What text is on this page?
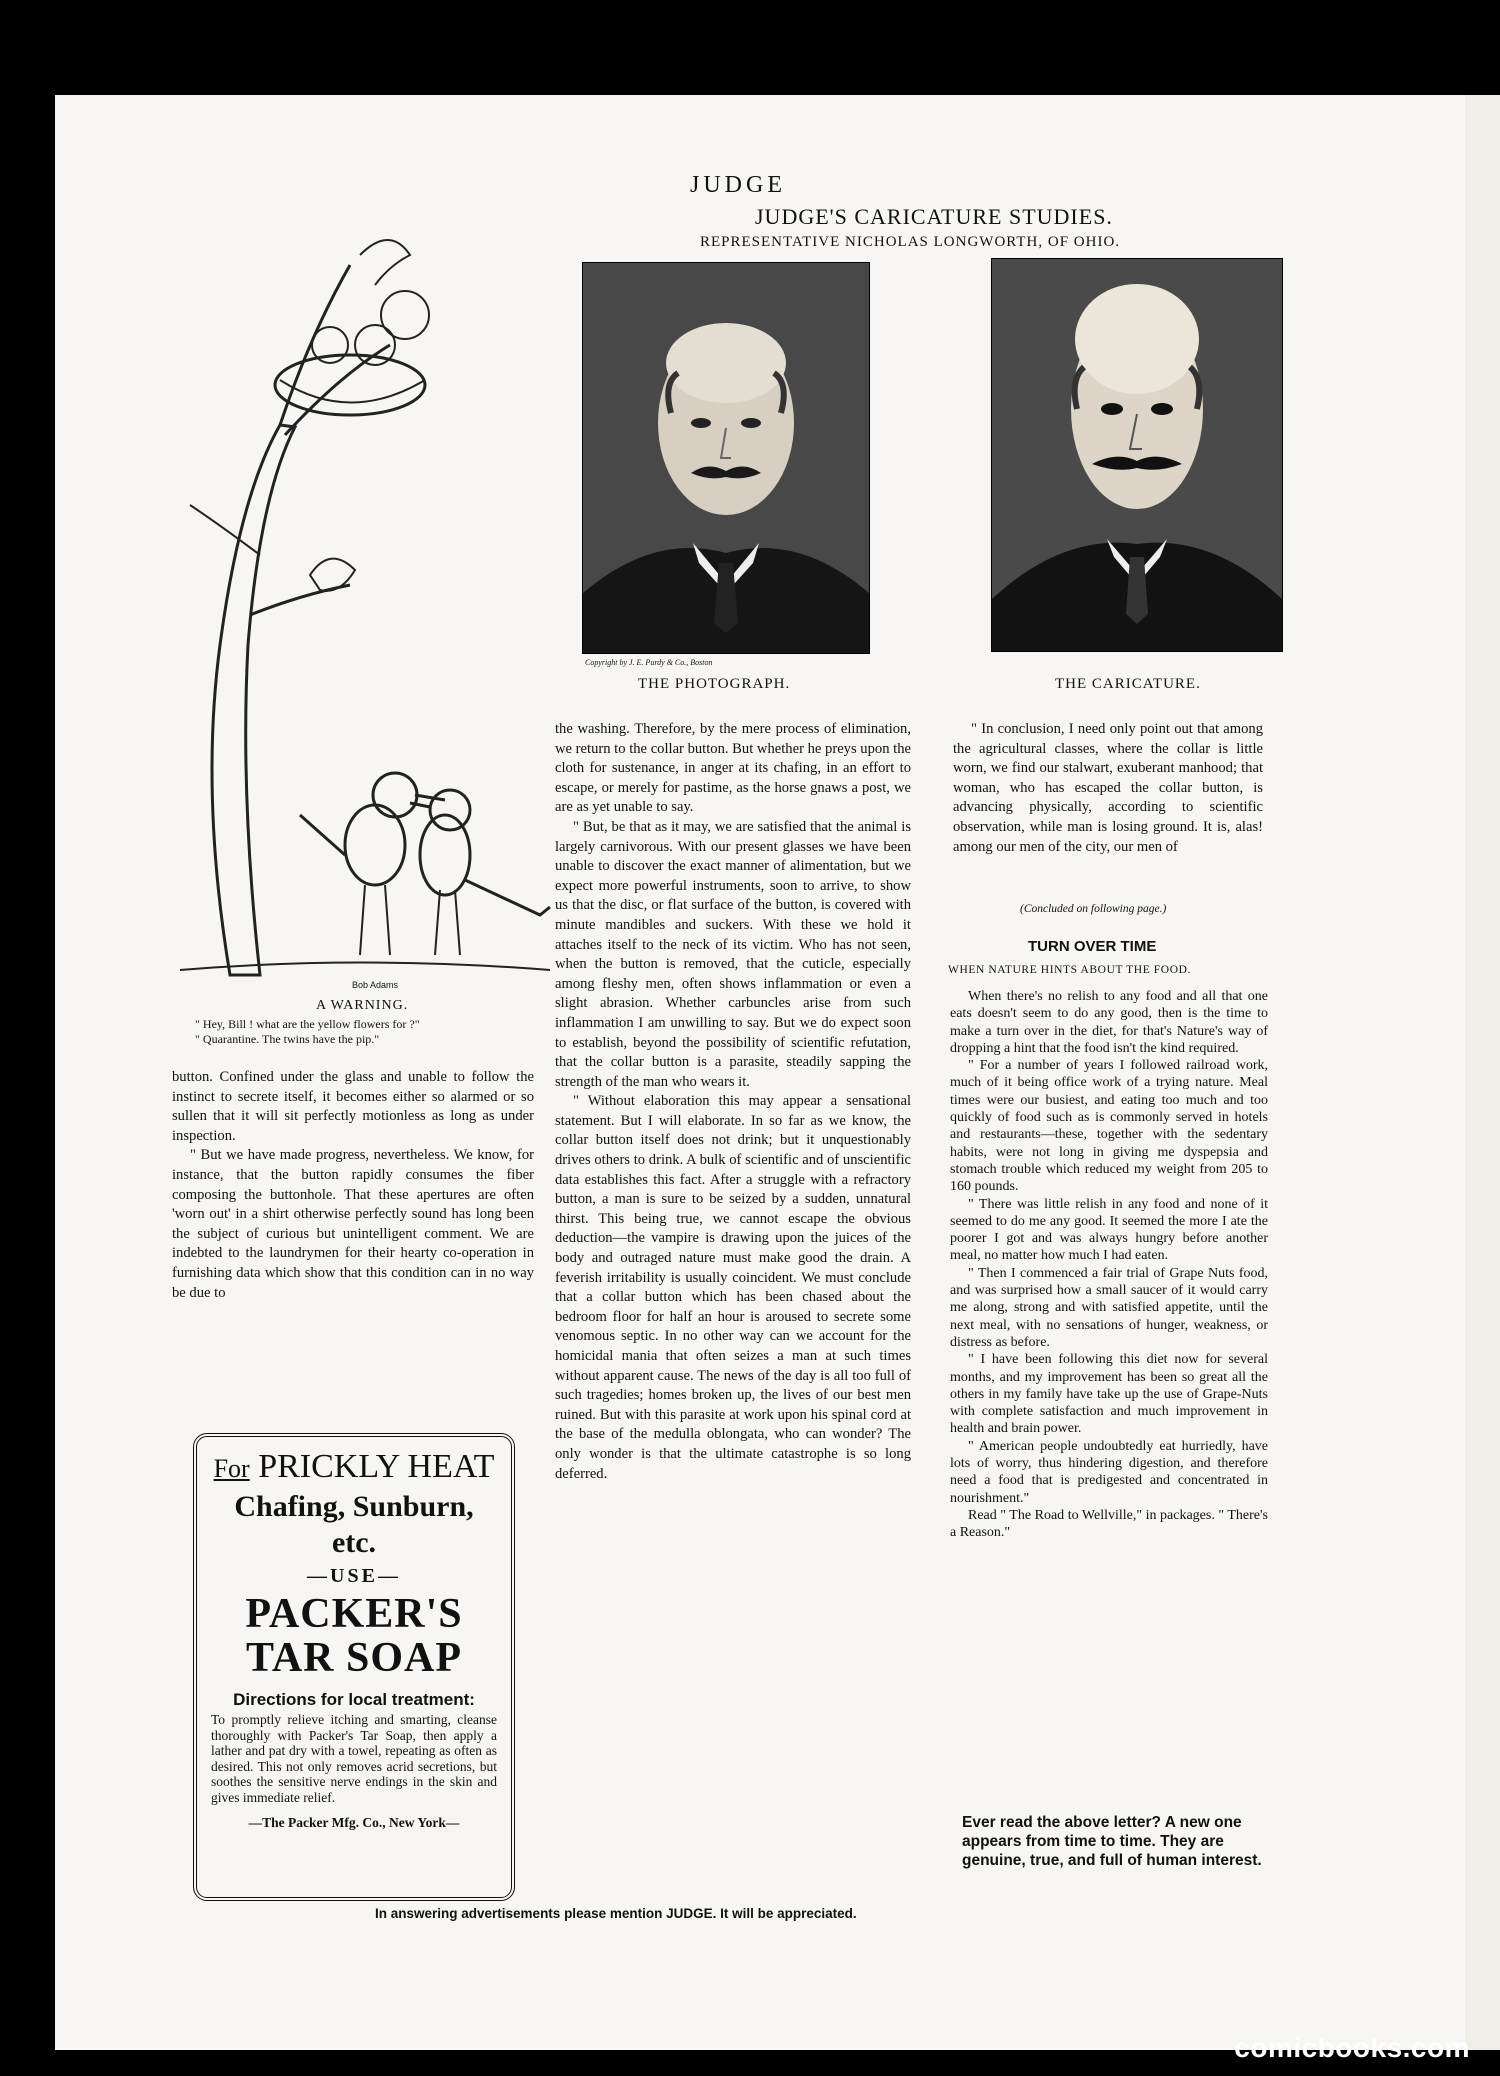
JUDGE
JUDGE'S CARICATURE STUDIES.
REPRESENTATIVE NICHOLAS LONGWORTH, OF OHIO.
Copyright by J. E. Purdy & Co., Boston
THE PHOTOGRAPH.	THE CARICATURE.
Bob Adams
A WARNING.
" Hey, Bill ! what are the yellow flowers for ?"
" Quarantine. The twins have the pip."

button. Confined under the glass and unable to follow the instinct to secrete itself, it becomes either so alarmed or so sullen that it will sit perfectly motionless as long as under inspection.

" But we have made progress, nevertheless. We know, for instance, that the button rapidly consumes the fiber composing the buttonhole. That these apertures are often 'worn out' in a shirt otherwise perfectly sound has long been the subject of curious but unintelligent comment. We are indebted to the laundrymen for their hearty co-operation in furnishing data which show that this condition can in no way be due to

For PRICKLY HEAT
Chafing, Sunburn, etc.
—USE—
PACKER'S
TAR SOAP
Directions for local treatment:
To promptly relieve itching and smarting, cleanse thoroughly with Packer's Tar Soap, then apply a lather and pat dry with a towel, repeating as often as desired. This not only removes acrid secretions, but soothes the sensitive nerve endings in the skin and gives immediate relief.
—The Packer Mfg. Co., New York—

the washing. Therefore, by the mere process of elimination, we return to the collar button. But whether he preys upon the cloth for sustenance, in anger at its chafing, in an effort to escape, or merely for pastime, as the horse gnaws a post, we are as yet unable to say.

" But, be that as it may, we are satisfied that the animal is largely carnivorous. With our present glasses we have been unable to discover the exact manner of alimentation, but we expect more powerful instruments, soon to arrive, to show us that the disc, or flat surface of the button, is covered with minute mandibles and suckers. With these we hold it attaches itself to the neck of its victim. Who has not seen, when the button is removed, that the cuticle, especially among fleshy men, often shows inflammation or even a slight abrasion. Whether carbuncles arise from such inflammation I am unwilling to say. But we do expect soon to establish, beyond the possibility of scientific refutation, that the collar button is a parasite, steadily sapping the strength of the man who wears it.

" Without elaboration this may appear a sensational statement. But I will elaborate. In so far as we know, the collar button itself does not drink; but it unquestionably drives others to drink. A bulk of scientific and of unscientific data establishes this fact. After a struggle with a refractory button, a man is sure to be seized by a sudden, unnatural thirst. This being true, we cannot escape the obvious deduction—the vampire is drawing upon the juices of the body and outraged nature must make good the drain. A feverish irritability is usually coincident. We must conclude that a collar button which has been chased about the bedroom floor for half an hour is aroused to secrete some venomous septic. In no other way can we account for the homicidal mania that often seizes a man at such times without apparent cause. The news of the day is all too full of such tragedies; homes broken up, the lives of our best men ruined. But with this parasite at work upon his spinal cord at the base of the medulla oblongata, who can wonder? The only wonder is that the ultimate catastrophe is so long deferred.

" In conclusion, I need only point out that among the agricultural classes, where the collar is little worn, we find our stalwart, exuberant manhood; that woman, who has escaped the collar button, is advancing physically, according to scientific observation, while man is losing ground. It is, alas! among our men of the city, our men of

(Concluded on following page.)
TURN OVER TIME
WHEN NATURE HINTS ABOUT THE FOOD.

When there's no relish to any food and all that one eats doesn't seem to do any good, then is the time to make a turn over in the diet, for that's Nature's way of dropping a hint that the food isn't the kind required.

" For a number of years I followed railroad work, much of it being office work of a trying nature. Meal times were our busiest, and eating too much and too quickly of food such as is commonly served in hotels and restaurants—these, together with the sedentary habits, were not long in giving me dyspepsia and stomach trouble which reduced my weight from 205 to 160 pounds.

" There was little relish in any food and none of it seemed to do me any good. It seemed the more I ate the poorer I got and was always hungry before another meal, no matter how much I had eaten.

" Then I commenced a fair trial of Grape Nuts food, and was surprised how a small saucer of it would carry me along, strong and with satisfied appetite, until the next meal, with no sensations of hunger, weakness, or distress as before.

" I have been following this diet now for several months, and my improvement has been so great all the others in my family have take up the use of Grape-Nuts with complete satisfaction and much improvement in health and brain power.

" American people undoubtedly eat hurriedly, have lots of worry, thus hindering digestion, and therefore need a food that is predigested and concentrated in nourishment."

Read " The Road to Wellville," in packages. " There's a Reason."

Ever read the above letter? A new one appears from time to time. They are genuine, true, and full of human interest.
In answering advertisements please mention JUDGE. It will be appreciated.
comicbooks.com
